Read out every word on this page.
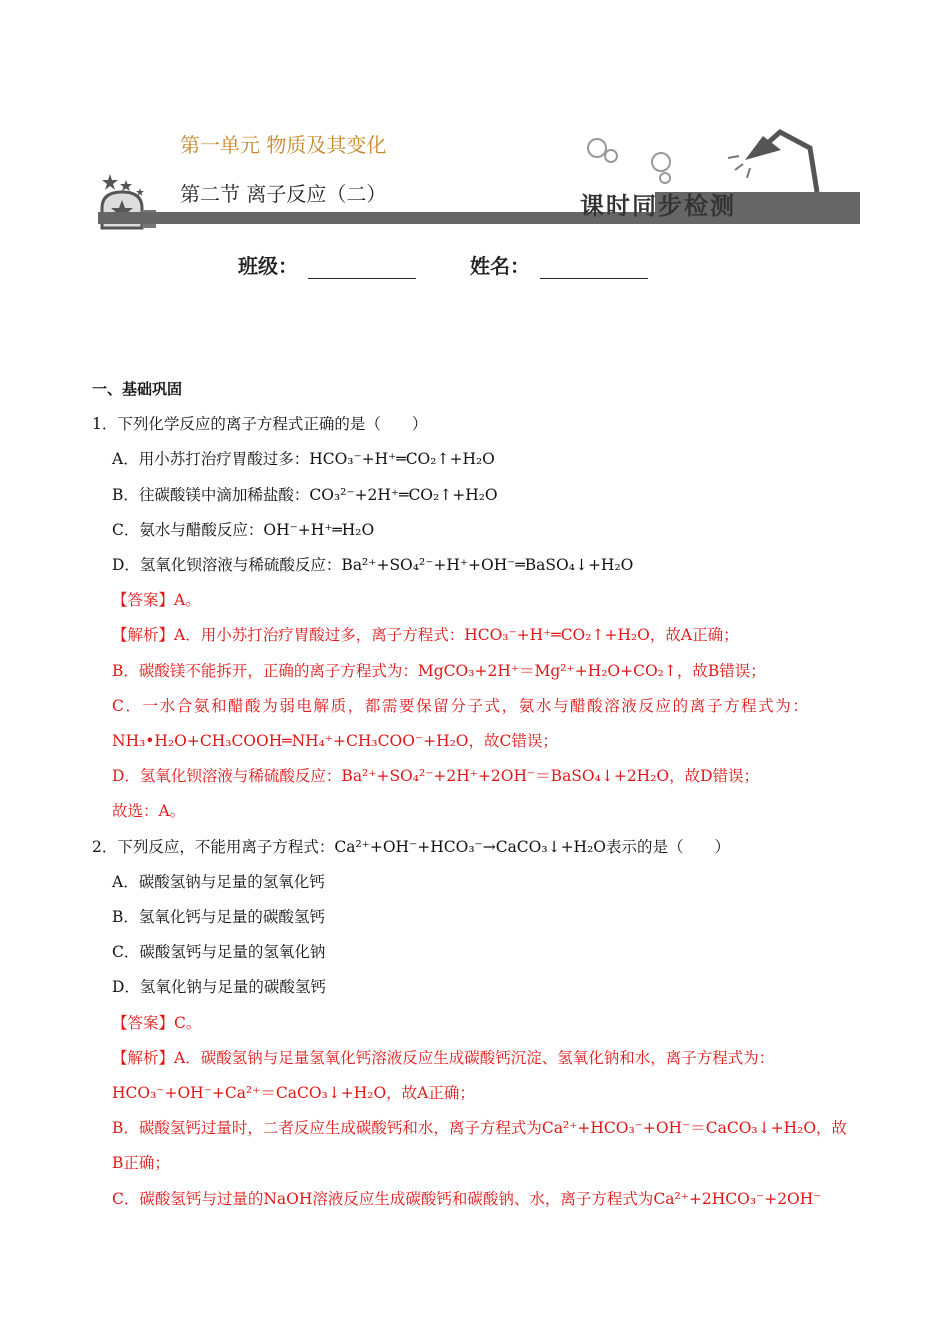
第一单元 物质及其变化
第二节 离子反应（二）	课时同步检测
班级：	姓名：
一、基础巩固
1．下列化学反应的离子方程式正确的是（　　）
A．用小苏打治疗胃酸过多：HCO₃⁻+H⁺═CO₂↑+H₂O
B．往碳酸镁中滴加稀盐酸：CO₃²⁻+2H⁺═CO₂↑+H₂O
C．氨水与醋酸反应：OH⁻+H⁺═H₂O
D．氢氧化钡溶液与稀硫酸反应：Ba²⁺+SO₄²⁻+H⁺+OH⁻═BaSO₄↓+H₂O
【答案】A。
【解析】A．用小苏打治疗胃酸过多，离子方程式：HCO₃⁻+H⁺═CO₂↑+H₂O，故A正确；
B．碳酸镁不能拆开，正确的离子方程式为：MgCO₃+2H⁺＝Mg²⁺+H₂O+CO₂↑，故B错误；
C．一水合氨和醋酸为弱电解质，都需要保留分子式，氨水与醋酸溶液反应的离子方程式为：
NH₃•H₂O+CH₃COOH═NH₄⁺+CH₃COO⁻+H₂O，故C错误；
D．氢氧化钡溶液与稀硫酸反应：Ba²⁺+SO₄²⁻+2H⁺+2OH⁻＝BaSO₄↓+2H₂O，故D错误；
故选：A。
2．下列反应，不能用离子方程式：Ca²⁺+OH⁻+HCO₃⁻→CaCO₃↓+H₂O表示的是（　　）
A．碳酸氢钠与足量的氢氧化钙
B．氢氧化钙与足量的碳酸氢钙
C．碳酸氢钙与足量的氢氧化钠
D．氢氧化钠与足量的碳酸氢钙
【答案】C。
【解析】A．碳酸氢钠与足量氢氧化钙溶液反应生成碳酸钙沉淀、氢氧化钠和水，离子方程式为：
HCO₃⁻+OH⁻+Ca²⁺＝CaCO₃↓+H₂O，故A正确；
B．碳酸氢钙过量时，二者反应生成碳酸钙和水，离子方程式为Ca²⁺+HCO₃⁻+OH⁻＝CaCO₃↓+H₂O，故
B正确；
C．碳酸氢钙与过量的NaOH溶液反应生成碳酸钙和碳酸钠、水，离子方程式为Ca²⁺+2HCO₃⁻+2OH⁻
